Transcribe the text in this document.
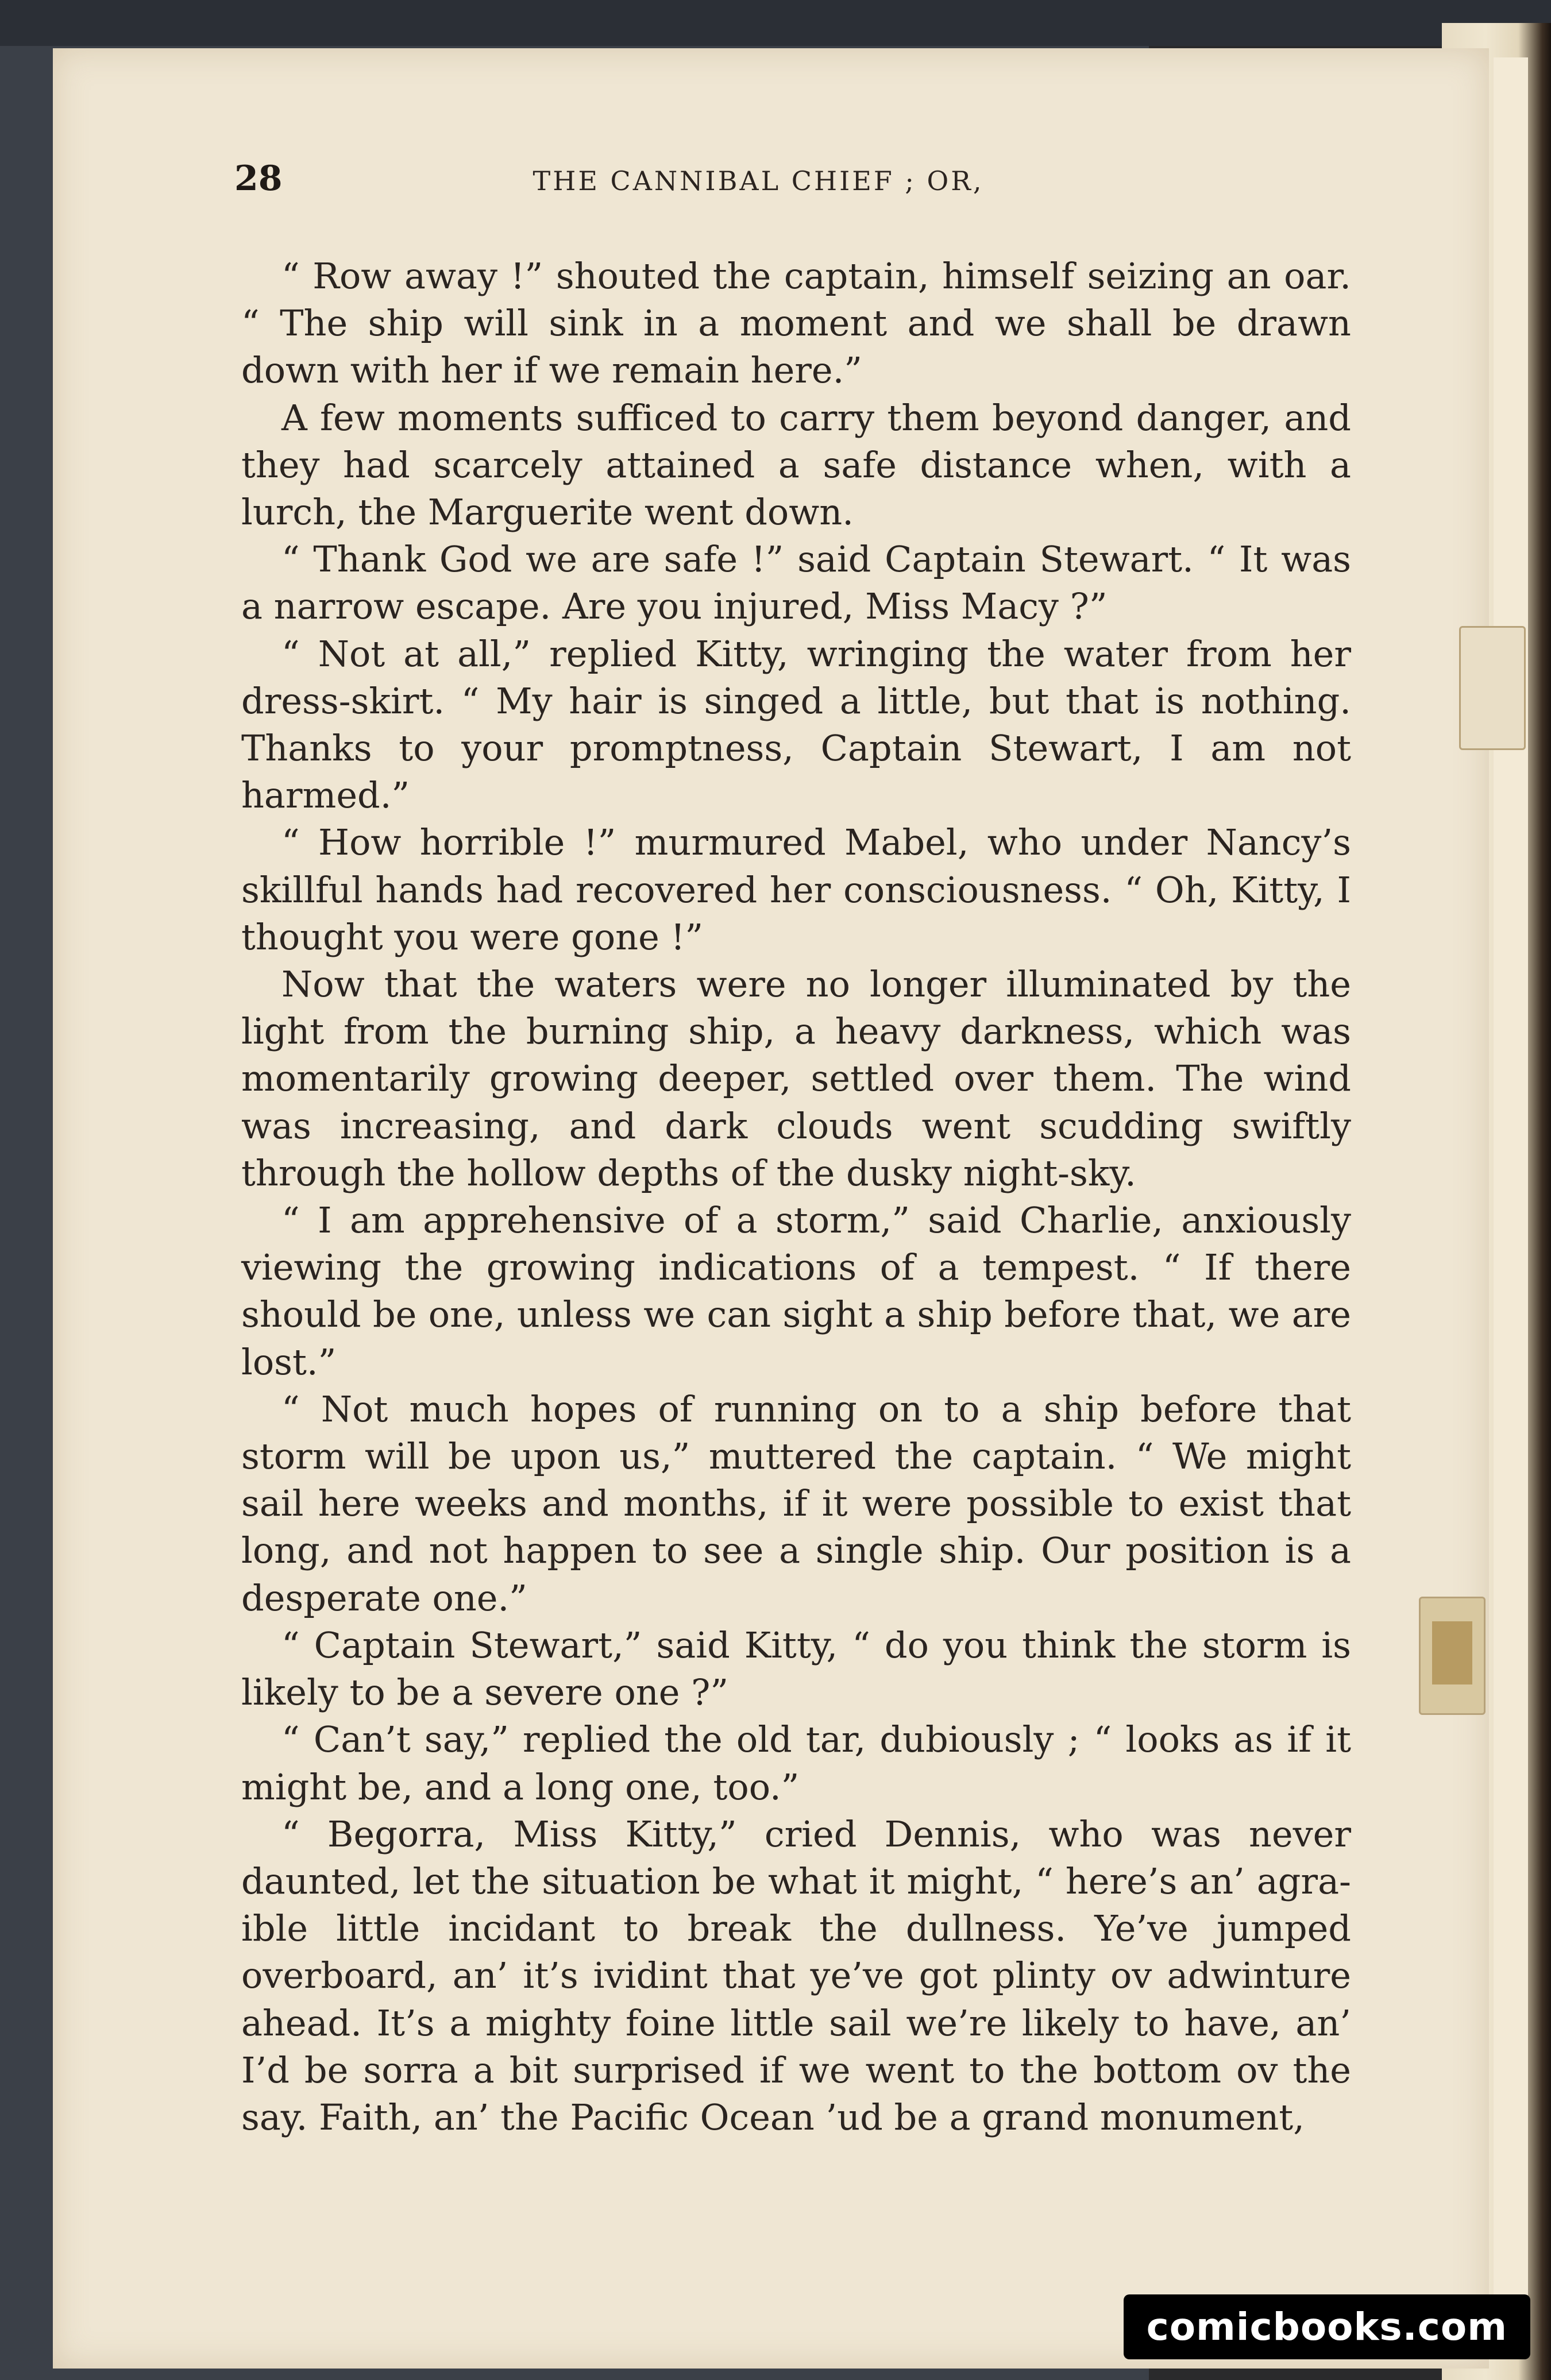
28	THE CANNIBAL CHIEF ; OR,

“ Row away !” shouted the captain, himself seizing an oar. “ The ship will sink in a moment and we shall be drawn down with her if we remain here.”

A few moments sufficed to carry them beyond danger, and they had scarcely attained a safe distance when, with a lurch, the Marguerite went down.

“ Thank God we are safe !” said Captain Stewart. “ It was a narrow escape. Are you injured, Miss Macy ?”

“ Not at all,” replied Kitty, wringing the water from her dress-skirt. “ My hair is singed a little, but that is nothing. Thanks to your promptness, Captain Stewart, I am not harmed.”

“ How horrible !” murmured Mabel, who under Nancy’s skillful hands had recovered her consciousness. “ Oh, Kitty, I thought you were gone !”

Now that the waters were no longer illuminated by the light from the burning ship, a heavy darkness, which was momentarily growing deeper, settled over them. The wind was increasing, and dark clouds went scudding swiftly through the hollow depths of the dusky night-sky.

“ I am apprehensive of a storm,” said Charlie, anxiously viewing the growing indications of a tempest. “ If there should be one, unless we can sight a ship before that, we are lost.”

“ Not much hopes of running on to a ship before that storm will be upon us,” muttered the captain. “ We might sail here weeks and months, if it were possible to exist that long, and not happen to see a single ship. Our position is a desperate one.”

“ Captain Stewart,” said Kitty, “ do you think the storm is likely to be a severe one ?”

“ Can’t say,” replied the old tar, dubiously ; “ looks as if it might be, and a long one, too.”

“ Begorra, Miss Kitty,” cried Dennis, who was never daunted, let the situation be what it might, “ here’s an’ agra-ible little incidant to break the dullness. Ye’ve jumped overboard, an’ it’s ividint that ye’ve got plinty ov adwinture ahead. It’s a mighty foine little sail we’re likely to have, an’ I’d be sorra a bit surprised if we went to the bottom ov the say. Faith, an’ the Pacific Ocean ’ud be a grand monument,

comicbooks.com
